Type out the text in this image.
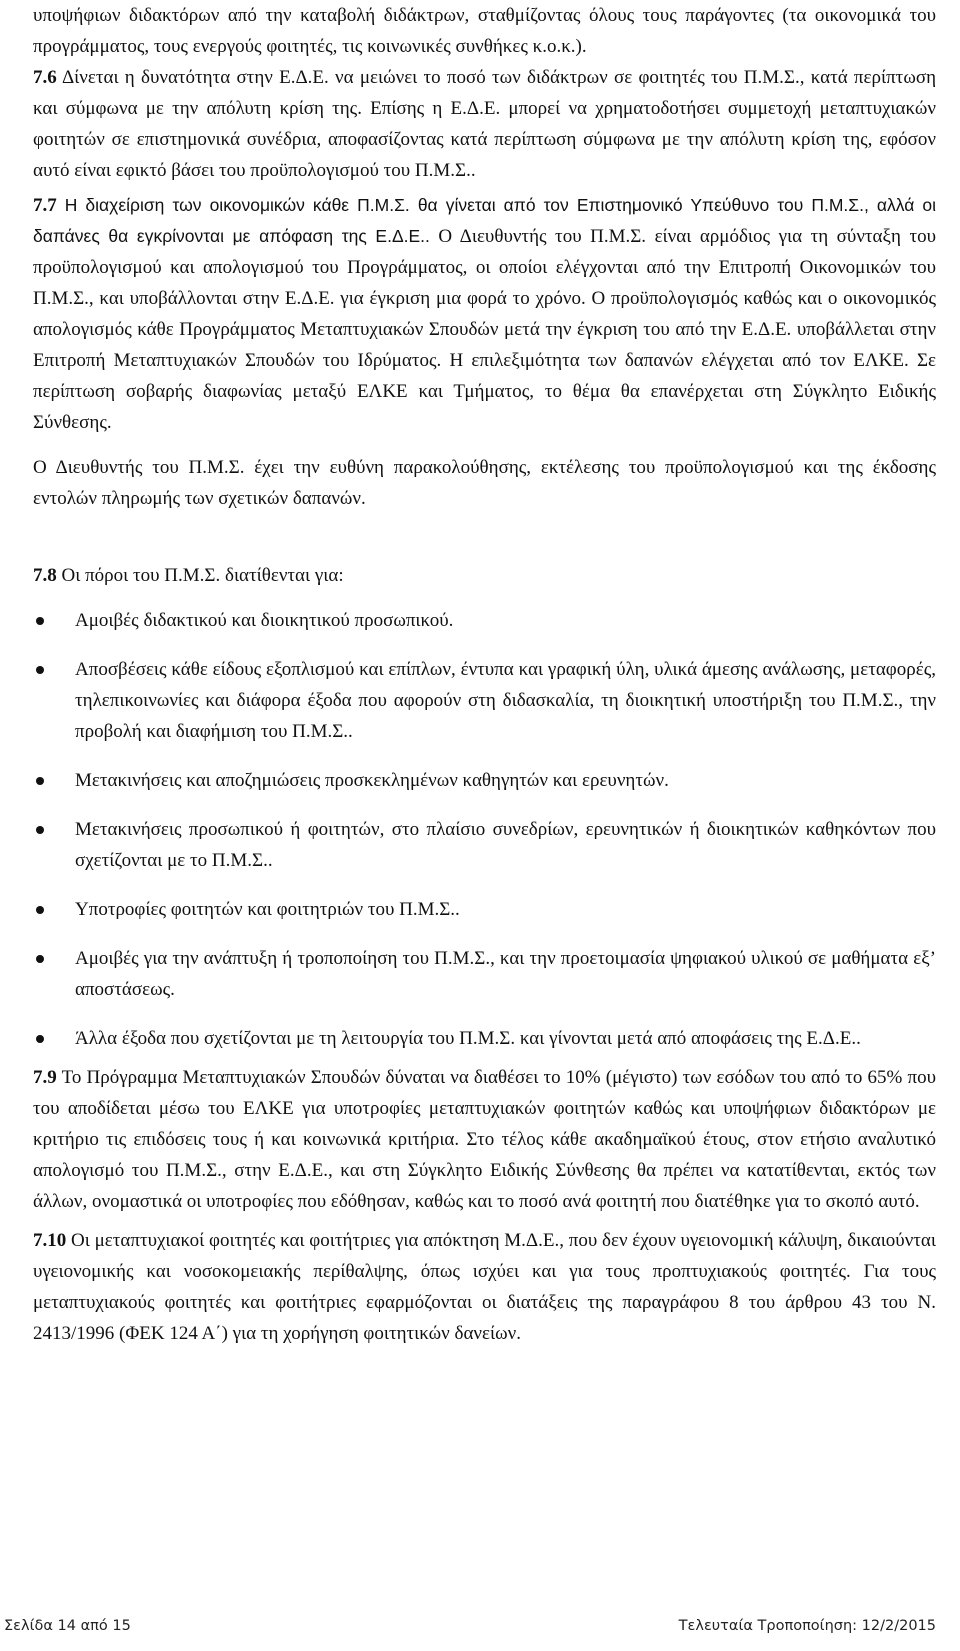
υποψήφιων διδακτόρων από την καταβολή διδάκτρων, σταθμίζοντας όλους τους παράγοντες (τα οικονομικά του προγράμματος, τους ενεργούς φοιτητές, τις κοινωνικές συνθήκες κ.ο.κ.).

7.6 Δίνεται η δυνατότητα στην Ε.Δ.Ε. να μειώνει το ποσό των διδάκτρων σε φοιτητές του Π.Μ.Σ., κατά περίπτωση και σύμφωνα με την απόλυτη κρίση της. Επίσης η Ε.Δ.Ε. μπορεί να χρηματοδοτήσει συμμετοχή μεταπτυχιακών φοιτητών σε επιστημονικά συνέδρια, αποφασίζοντας κατά περίπτωση σύμφωνα με την απόλυτη κρίση της, εφόσον αυτό είναι εφικτό βάσει του προϋπολογισμού του Π.Μ.Σ..

7.7 Η διαχείριση των οικονομικών κάθε Π.Μ.Σ. θα γίνεται από τον Επιστημονικό Υπεύθυνο του Π.Μ.Σ., αλλά οι δαπάνες θα εγκρίνονται με απόφαση της Ε.Δ.Ε.. Ο Διευθυντής του Π.Μ.Σ. είναι αρμόδιος για τη σύνταξη του προϋπολογισμού και απολογισμού του Προγράμματος, οι οποίοι ελέγχονται από την Επιτροπή Οικονομικών του Π.Μ.Σ., και υποβάλλονται στην Ε.Δ.Ε. για έγκριση μια φορά το χρόνο. Ο προϋπολογισμός καθώς και ο οικονομικός απολογισμός κάθε Προγράμματος Μεταπτυχιακών Σπουδών μετά την έγκριση του από την Ε.Δ.Ε. υποβάλλεται στην Επιτροπή Μεταπτυχιακών Σπουδών του Ιδρύματος. Η επιλεξιμότητα των δαπανών ελέγχεται από τον ΕΛΚΕ. Σε περίπτωση σοβαρής διαφωνίας μεταξύ ΕΛΚΕ και Τμήματος, το θέμα θα επανέρχεται στη Σύγκλητο Ειδικής Σύνθεσης.

Ο Διευθυντής του Π.Μ.Σ. έχει την ευθύνη παρακολούθησης, εκτέλεσης του προϋπολογισμού και της έκδοσης εντολών πληρωμής των σχετικών δαπανών.

7.8 Οι πόροι του Π.Μ.Σ. διατίθενται για:

Αμοιβές διδακτικού και διοικητικού προσωπικού.
Αποσβέσεις κάθε είδους εξοπλισμού και επίπλων, έντυπα και γραφική ύλη, υλικά άμεσης ανάλωσης, μεταφορές, τηλεπικοινωνίες και διάφορα έξοδα που αφορούν στη διδασκαλία, τη διοικητική υποστήριξη του Π.Μ.Σ., την προβολή και διαφήμιση του Π.Μ.Σ..
Μετακινήσεις και αποζημιώσεις προσκεκλημένων καθηγητών και ερευνητών.
Μετακινήσεις προσωπικού ή φοιτητών, στο πλαίσιο συνεδρίων, ερευνητικών ή διοικητικών καθηκόντων που σχετίζονται με το Π.Μ.Σ..
Υποτροφίες φοιτητών και φοιτητριών του Π.Μ.Σ..
Αμοιβές για την ανάπτυξη ή τροποποίηση του Π.Μ.Σ., και την προετοιμασία ψηφιακού υλικού σε μαθήματα εξ’ αποστάσεως.
Άλλα έξοδα που σχετίζονται με τη λειτουργία του Π.Μ.Σ. και γίνονται μετά από αποφάσεις της Ε.Δ.Ε..

7.9 Το Πρόγραμμα Μεταπτυχιακών Σπουδών δύναται να διαθέσει το 10% (μέγιστο) των εσόδων του από το 65% που του αποδίδεται μέσω του ΕΛΚΕ για υποτροφίες μεταπτυχιακών φοιτητών καθώς και υποψήφιων διδακτόρων με κριτήριο τις επιδόσεις τους ή και κοινωνικά κριτήρια. Στο τέλος κάθε ακαδημαϊκού έτους, στον ετήσιο αναλυτικό απολογισμό του Π.Μ.Σ., στην Ε.Δ.Ε., και στη Σύγκλητο Ειδικής Σύνθεσης θα πρέπει να κατατίθενται, εκτός των άλλων, ονομαστικά οι υποτροφίες που εδόθησαν, καθώς και το ποσό ανά φοιτητή που διατέθηκε για το σκοπό αυτό.

7.10 Οι μεταπτυχιακοί φοιτητές και φοιτήτριες για απόκτηση Μ.Δ.Ε., που δεν έχουν υγειονομική κάλυψη, δικαιούνται υγειονομικής και νοσοκομειακής περίθαλψης, όπως ισχύει και για τους προπτυχιακούς φοιτητές. Για τους μεταπτυχιακούς φοιτητές και φοιτήτριες εφαρμόζονται οι διατάξεις της παραγράφου 8 του άρθρου 43 του Ν. 2413/1996 (ΦΕΚ 124 Α΄) για τη χορήγηση φοιτητικών δανείων.

Σελίδα 14 από 15	Τελευταία Τροποποίηση: 12/2/2015
